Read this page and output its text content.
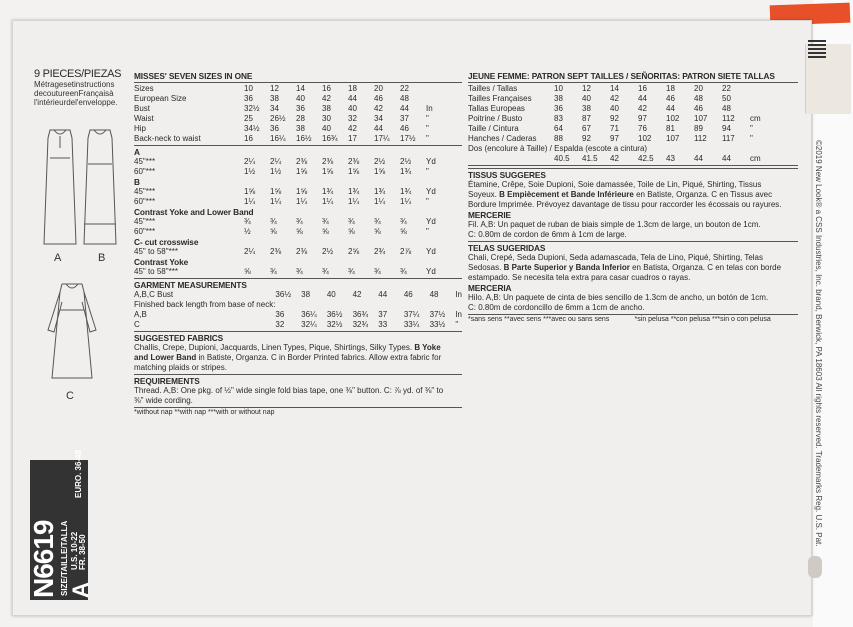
©2019 New Look® a CSS Industries, Inc. brand, Berwick, PA 18603 All rights reserved. Trademarks Reg. U.S. Pat.
9 PIECES/PIEZAS

Métragesetinstructions

decoutureenFrançaisà

l'intérieurdel'enveloppe.

A	B
C
N6619 SIZE/TAILLE/TALLA A
U.S. 10-22 FR. 38-50
EURO. 36-48
MISSES' SEVEN SIZES IN ONE
Sizes	10	12	14	16	18	20	22	
European Size	36	38	40	42	44	46	48	
Bust	32½	34	36	38	40	42	44	In
Waist	25	26½	28	30	32	34	37	"
Hip	34½	36	38	40	42	44	46	"
Back-neck to waist	16	16¼	16½	16¾	17	17¼	17½	"
A
45"***	2¼	2¼	2⅜	2⅜	2⅜	2½	2½	Yd
60"***	1½	1½	1⅝	1⅝	1⅝	1⅝	1¾	"
B
45"***	1⅝	1⅝	1⅝	1¾	1¾	1¾	1¾	Yd
60"***	1¼	1¼	1¼	1¼	1¼	1¼	1¼	"
Contrast Yoke and Lower Band
45"***	¾	¾	¾	¾	¾	¾	¾	Yd
60"***	½	⅝	⅝	⅝	⅝	⅝	⅝	"
C- cut crosswise
45" to 58"***	2¼	2⅜	2⅜	2½	2⅝	2¾	2⅞	Yd
Contrast Yoke
45" to 58"***	⅝	¾	¾	¾	¾	¾	¾	Yd
GARMENT MEASUREMENTS
A,B,C Bust	36½	38	40	42	44	46	48	In
Finished back length from base of neck:								
A,B	36	36¼	36½	36¾	37	37¼	37½	In
C	32	32¼	32½	32¾	33	33¼	33½	"
SUGGESTED FABRICS
Challis, Crepe, Dupioni, Jacquards, Linen Types, Pique, Shirtings, Silky Types. B Yoke and Lower Band in Batiste, Organza. C in Border Printed fabrics. Allow extra fabric for matching plaids or stripes.
REQUIREMENTS
Thread. A,B: One pkg. of ½" wide single fold bias tape, one ⅜" button. C: ⅞ yd. of ⅜" to ⅜" wide cording.
*without nap **with nap ***with or without nap
JEUNE FEMME: PATRON SEPT TAILLES / SEÑORITAS: PATRON SIETE TALLAS
Tailles / Tallas	10	12	14	16	18	20	22	
Tailles Françaises	38	40	42	44	46	48	50	
Tallas Europeas	36	38	40	42	44	46	48	
Poitrine / Busto	83	87	92	97	102	107	112	cm
Taille / Cintura	64	67	71	76	81	89	94	"
Hanches / Caderas	88	92	97	102	107	112	117	"
Dos (encolure à Taille) / Espalda (escote a cintura)
	40.5	41.5	42	42.5	43	44	44	cm

TISSUS SUGGERES
Étamine, Crêpe, Soie Dupioni, Soie damassée, Toile de Lin, Piqué, Shirting, Tissus Soyeux. B Empiècement et Bande Inférieure en Batiste, Organza. C en Tissus avec Bordure Imprimée. Prévoyez davantage de tissu pour raccorder les écossais ou rayures.
MERCERIE
Fil. A,B: Un paquet de ruban de biais simple de 1.3cm de large, un bouton de 1cm.
C: 0.80m de cordon de 6mm à 1cm de large.
TELAS SUGERIDAS
Chali, Crepé, Seda Dupioni, Seda adamascada, Tela de Lino, Piqué, Shirting, Telas Sedosas. B Parte Superior y Banda Inferior en Batista, Organza. C en telas con borde estampado. Se necesita tela extra para casar cuadros o rayas.
MERCERIA
Hilo. A,B: Un paquete de cinta de bies sencillo de 1.3cm de ancho, un botón de 1cm.
C: 0.80m de cordoncillo de 6mm a 1cm de ancho.
*sans sens **avec sens ***avec ou sans sens	*sin pelusa **con pelusa ***sin o con pelusa
